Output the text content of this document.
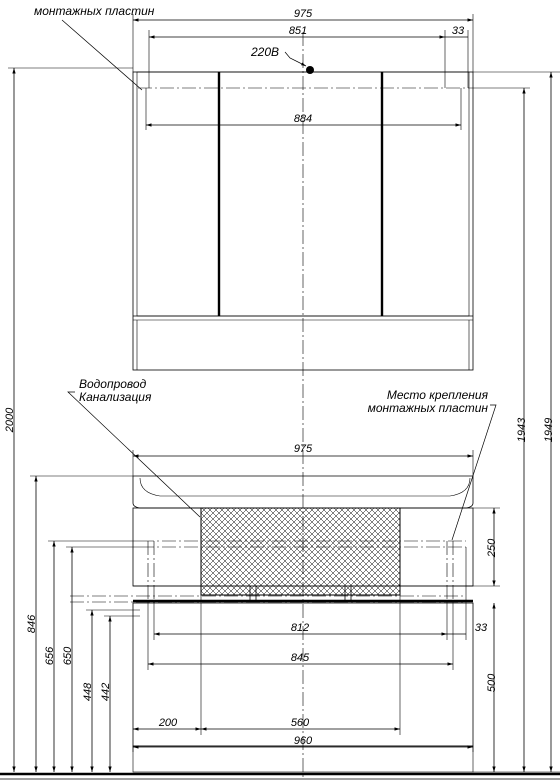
975
851	33
884
220В
монтажных пластин
Водопровод
Канализация	Место крепления
монтажных пластин
975
812	33
845
200	560
960
250
500
1943 1949
2000
846
656 650
448 442
